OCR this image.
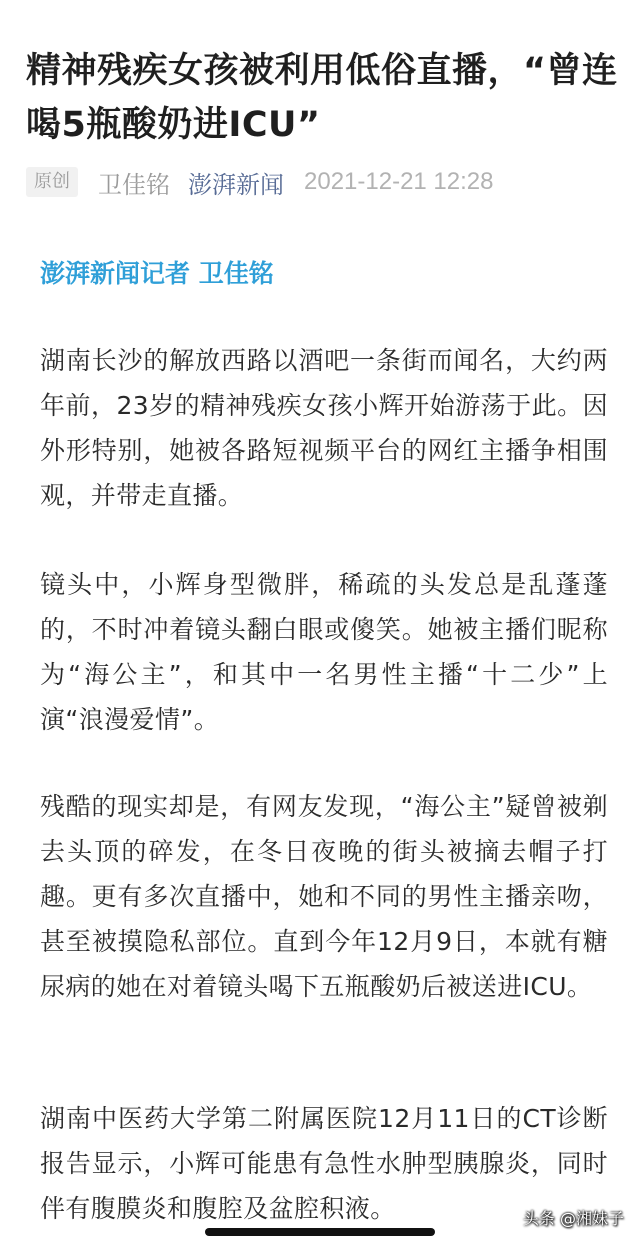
精神残疾女孩被利用低俗直播，“曾连喝5瓶酸奶进ICU”
原创	卫佳铭 澎湃新闻 2021-12-21 12:28

澎湃新闻记者 卫佳铭

湖南长沙的解放西路以酒吧一条街而闻名，大约两年前，23岁的精神残疾女孩小辉开始游荡于此。因外形特别，她被各路短视频平台的网红主播争相围观，并带走直播。

镜头中，小辉身型微胖，稀疏的头发总是乱蓬蓬的，不时冲着镜头翻白眼或傻笑。她被主播们昵称为“海公主”，和其中一名男性主播“十二少”上演“浪漫爱情”。

残酷的现实却是，有网友发现，“海公主”疑曾被剃去头顶的碎发，在冬日夜晚的街头被摘去帽子打趣。更有多次直播中，她和不同的男性主播亲吻，甚至被摸隐私部位。直到今年12月9日，本就有糖尿病的她在对着镜头喝下五瓶酸奶后被送进ICU。

湖南中医药大学第二附属医院12月11日的CT诊断报告显示，小辉可能患有急性水肿型胰腺炎，同时伴有腹膜炎和腹腔及盆腔积液。	头条 @湘妹子
